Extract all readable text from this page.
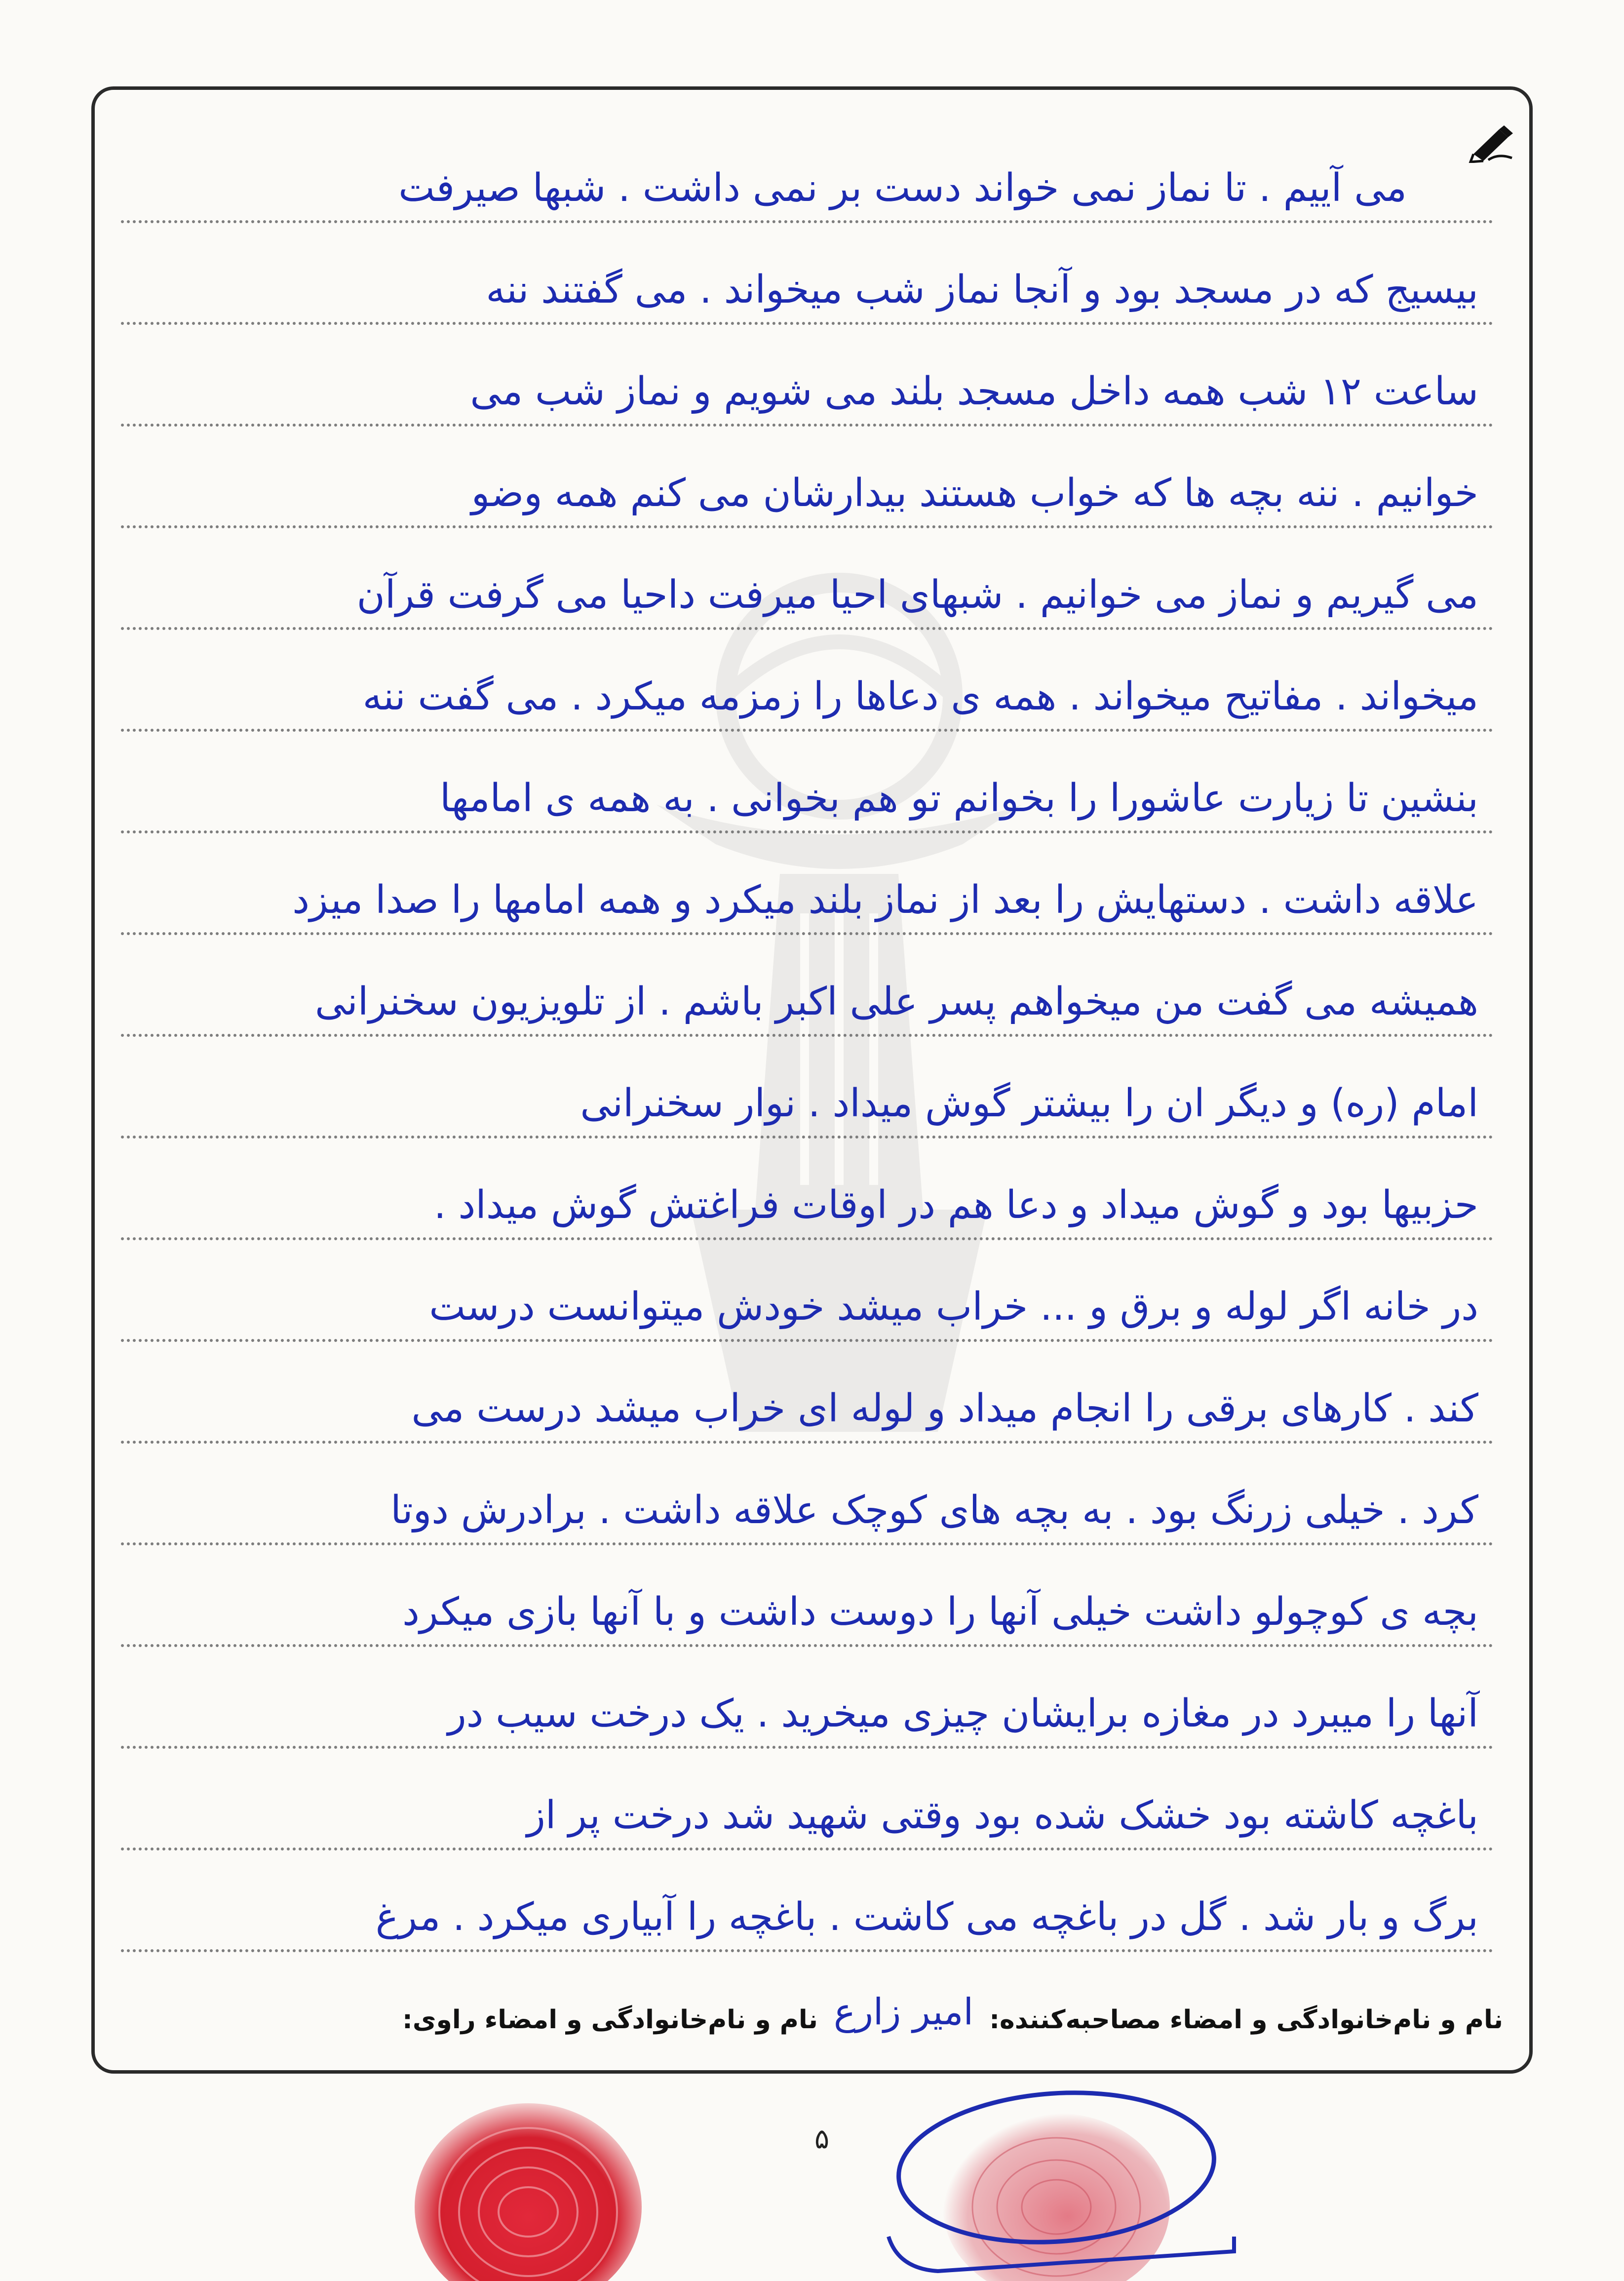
می آییم . تا نماز نمی خواند دست بر نمی داشت . شبها صیرفت
بیسیج که در مسجد بود و آنجا نماز شب میخواند . می گفتند ننه
ساعت ۱۲ شب همه داخل مسجد بلند می شویم و نماز شب می
خوانیم . ننه بچه ها که خواب هستند بیدارشان می کنم همه وضو
می گیریم و نماز می خوانیم . شبهای احیا میرفت داحیا می گرفت قرآن
میخواند . مفاتیح میخواند . همه ی دعاها را زمزمه میکرد . می گفت ننه
بنشین تا زیارت عاشورا را بخوانم تو هم بخوانی . به همه ی امامها
علاقه داشت . دستهایش را بعد از نماز بلند میکرد و همه امامها را صدا میزد
همیشه می گفت من میخواهم پسر علی اکبر باشم . از تلویزیون سخنرانی
امام (ره) و دیگر ان را بیشتر گوش میداد . نوار سخنرانی
حزبیها بود و گوش میداد و دعا هم در اوقات فراغتش گوش میداد .
در خانه اگر لوله و برق و ... خراب میشد خودش میتوانست درست
کند . کارهای برقی را انجام میداد و لوله ای خراب میشد درست می
کرد . خیلی زرنگ بود . به بچه های کوچک علاقه داشت . برادرش دوتا
بچه ی کوچولو داشت خیلی آنها را دوست داشت و با آنها بازی میکرد
آنها را میبرد در مغازه برایشان چیزی میخرید . یک درخت سیب در
باغچه کاشته بود خشک شده بود وقتی شهید شد درخت پر از
برگ و بار شد . گل در باغچه می کاشت . باغچه را آبیاری میکرد . مرغ
نام و نام‌خانوادگی و امضاء مصاحبه‌کننده: امیر زارع نام و نام‌خانوادگی و امضاء راوی:
۵
